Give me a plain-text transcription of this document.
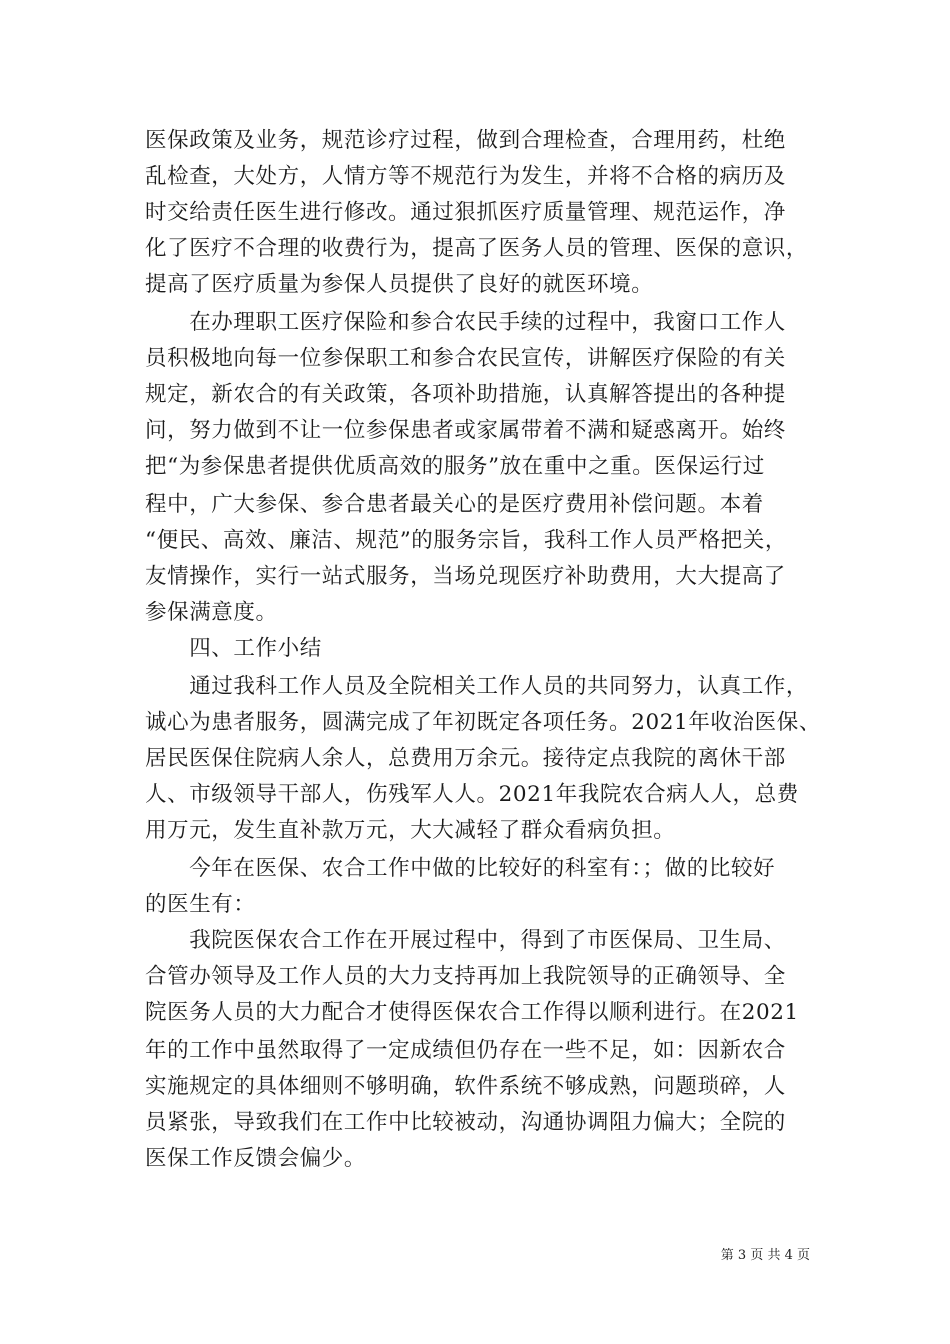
医保政策及业务，规范诊疗过程，做到合理检查，合理用药，杜绝
乱检查，大处方，人情方等不规范行为发生，并将不合格的病历及
时交给责任医生进行修改。通过狠抓医疗质量管理、规范运作，净
化了医疗不合理的收费行为，提高了医务人员的管理、医保的意识，
提高了医疗质量为参保人员提供了良好的就医环境。
　　在办理职工医疗保险和参合农民手续的过程中，我窗口工作人
员积极地向每一位参保职工和参合农民宣传，讲解医疗保险的有关
规定，新农合的有关政策，各项补助措施，认真解答提出的各种提
问，努力做到不让一位参保患者或家属带着不满和疑惑离开。始终
把“为参保患者提供优质高效的服务”放在重中之重。医保运行过
程中，广大参保、参合患者最关心的是医疗费用补偿问题。本着
“便民、高效、廉洁、规范”的服务宗旨，我科工作人员严格把关，
友情操作，实行一站式服务，当场兑现医疗补助费用，大大提高了
参保满意度。
　　四、工作小结
　　通过我科工作人员及全院相关工作人员的共同努力，认真工作，
诚心为患者服务，圆满完成了年初既定各项任务。2021年收治医保、
居民医保住院病人余人，总费用万余元。接待定点我院的离休干部
人、市级领导干部人，伤残军人人。2021年我院农合病人人，总费
用万元，发生直补款万元，大大减轻了群众看病负担。
　　今年在医保、农合工作中做的比较好的科室有：；做的比较好
的医生有：
　　我院医保农合工作在开展过程中，得到了市医保局、卫生局、
合管办领导及工作人员的大力支持再加上我院领导的正确领导、全
院医务人员的大力配合才使得医保农合工作得以顺利进行。在2021
年的工作中虽然取得了一定成绩但仍存在一些不足，如：因新农合
实施规定的具体细则不够明确，软件系统不够成熟，问题琐碎，人
员紧张，导致我们在工作中比较被动，沟通协调阻力偏大；全院的
医保工作反馈会偏少。
第 3 页 共 4 页
